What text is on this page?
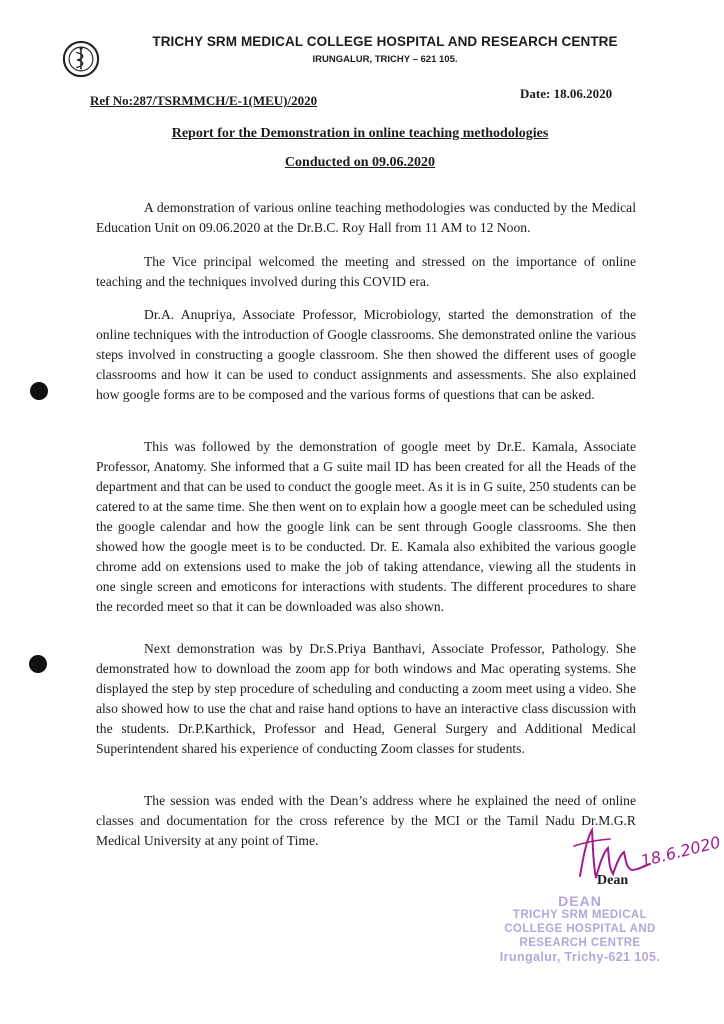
TRICHY SRM MEDICAL COLLEGE HOSPITAL AND RESEARCH CENTRE
IRUNGALUR, TRICHY – 621 105.
Ref No:287/TSRMMCH/E-1(MEU)/2020	Date: 18.06.2020
Report for the Demonstration in online teaching methodologies
Conducted on 09.06.2020

A demonstration of various online teaching methodologies was conducted by the Medical Education Unit on 09.06.2020 at the Dr.B.C. Roy Hall from 11 AM to 12 Noon.

The Vice principal welcomed the meeting and stressed on the importance of online teaching and the techniques involved during this COVID era.

Dr.A. Anupriya, Associate Professor, Microbiology, started the demonstration of the online techniques with the introduction of Google classrooms. She demonstrated online the various steps involved in constructing a google classroom. She then showed the different uses of google classrooms and how it can be used to conduct assignments and assessments. She also explained how google forms are to be composed and the various forms of questions that can be asked.

This was followed by the demonstration of google meet by Dr.E. Kamala, Associate Professor, Anatomy. She informed that a G suite mail ID has been created for all the Heads of the department and that can be used to conduct the google meet. As it is in G suite, 250 students can be catered to at the same time. She then went on to explain how a google meet can be scheduled using the google calendar and how the google link can be sent through Google classrooms. She then showed how the google meet is to be conducted. Dr. E. Kamala also exhibited the various google chrome add on extensions used to make the job of taking attendance, viewing all the students in one single screen and emoticons for interactions with students. The different procedures to share the recorded meet so that it can be downloaded was also shown.

Next demonstration was by Dr.S.Priya Banthavi, Associate Professor, Pathology. She demonstrated how to download the zoom app for both windows and Mac operating systems. She displayed the step by step procedure of scheduling and conducting a zoom meet using a video. She also showed how to use the chat and raise hand options to have an interactive class discussion with the students. Dr.P.Karthick, Professor and Head, General Surgery and Additional Medical Superintendent shared his experience of conducting Zoom classes for students.

The session was ended with the Dean’s address where he explained the need of online classes and documentation for the cross reference by the MCI or the Tamil Nadu Dr.M.G.R Medical University at any point of Time.	18.6.2020
Dean
DEAN
TRICHY SRM MEDICAL
COLLEGE HOSPITAL AND
RESEARCH CENTRE
Irungalur, Trichy-621 105.
